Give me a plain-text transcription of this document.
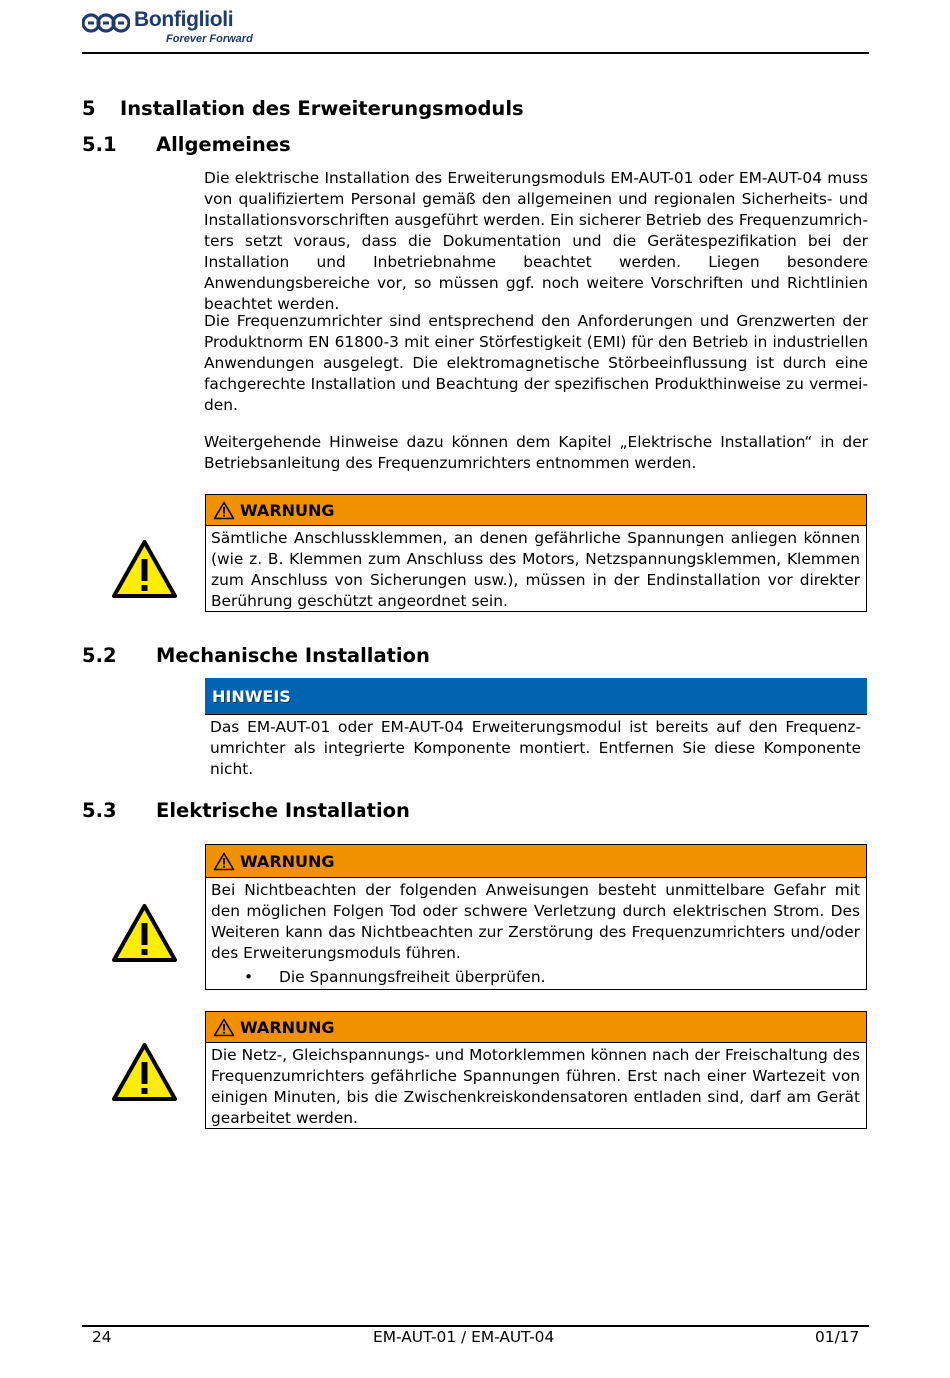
Bonfiglioli
Forever Forward
5 Installation des Erweiterungsmoduls
5.1 Allgemeines

Die elektrische Installation des Erweiterungsmoduls EM-AUT-01 oder EM-AUT-04 muss von qualifiziertem Personal gemäß den allgemeinen und regionalen Sicherheits- und Installationsvorschriften ausgeführt werden. Ein sicherer Betrieb des Frequenzumrichters setzt voraus, dass die Dokumentation und die Gerätespezifikation bei der Installation und Inbetriebnahme beachtet werden. Liegen besondere Anwendungsbereiche vor, so müssen ggf. noch weitere Vorschriften und Richtlinien beachtet werden.

Die Frequenzumrichter sind entsprechend den Anforderungen und Grenzwerten der Produktnorm EN 61800-3 mit einer Störfestigkeit (EMI) für den Betrieb in industriellen Anwendungen ausgelegt. Die elektromagnetische Störbeeinflussung ist durch eine fachgerechte Installation und Beachtung der spezifischen Produkthinweise zu vermeiden.

Weitergehende Hinweise dazu können dem Kapitel „Elektrische Installation“ in der Betriebsanleitung des Frequenzumrichters entnommen werden.

WARNUNG
Sämtliche Anschlussklemmen, an denen gefährliche Spannungen anliegen können (wie z. B. Klemmen zum Anschluss des Motors, Netzspannungsklemmen, Klemmen zum Anschluss von Sicherungen usw.), müssen in der Endinstallation vor direkter Berührung geschützt angeordnet sein.
5.2 Mechanische Installation
HINWEIS
Das EM-AUT-01 oder EM-AUT-04 Erweiterungsmodul ist bereits auf den Frequenzumrichter als integrierte Komponente montiert. Entfernen Sie diese Komponente nicht.
5.3 Elektrische Installation
WARNUNG
Bei Nichtbeachten der folgenden Anweisungen besteht unmittelbare Gefahr mit den möglichen Folgen Tod oder schwere Verletzung durch elektrischen Strom. Des Weiteren kann das Nichtbeachten zur Zerstörung des Frequenzumrichters und/oder des Erweiterungsmoduls führen.
• Die Spannungsfreiheit überprüfen.
WARNUNG
Die Netz-, Gleichspannungs- und Motorklemmen können nach der Freischaltung des Frequenzumrichters gefährliche Spannungen führen. Erst nach einer Wartezeit von einigen Minuten, bis die Zwischenkreiskondensatoren entladen sind, darf am Gerät gearbeitet werden.
24	EM-AUT-01 / EM-AUT-04	01/17
